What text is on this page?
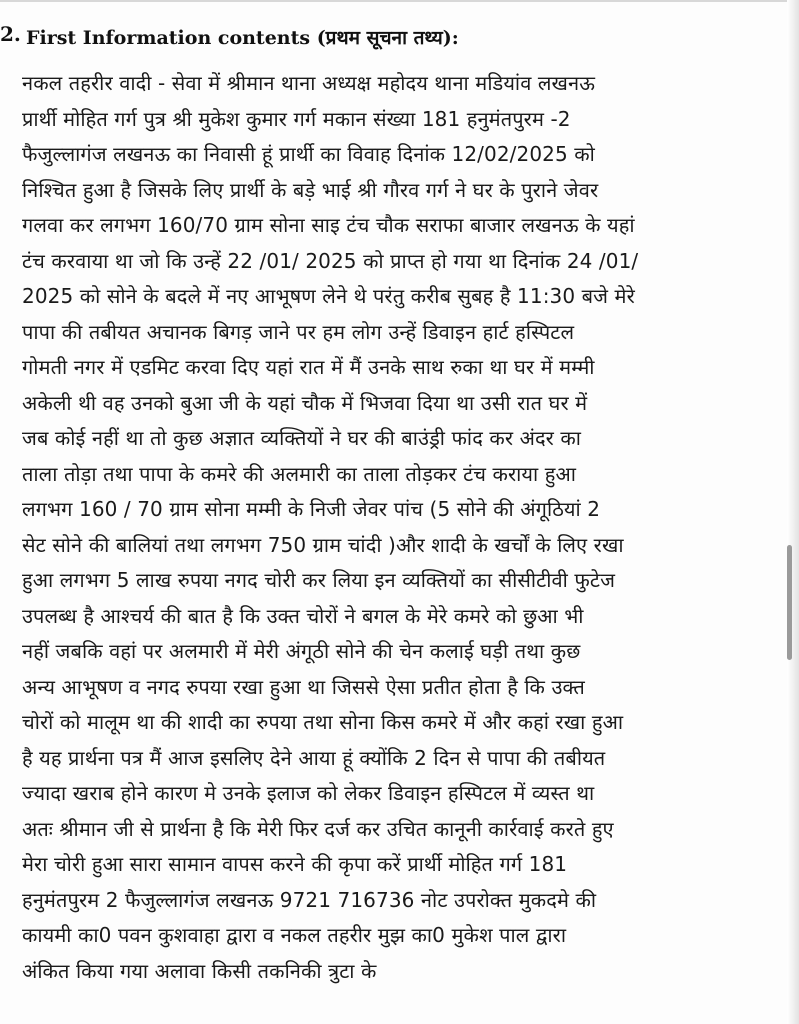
2. First Information contents (प्रथम सूचना तथ्य):
नकल तहरीर वादी - सेवा में श्रीमान थाना अध्यक्ष महोदय थाना मडियांव लखनऊ
प्रार्थी मोहित गर्ग पुत्र श्री मुकेश कुमार गर्ग मकान संख्या 181 हनुमंतपुरम -2
फैजुल्लागंज लखनऊ का निवासी हूं प्रार्थी का विवाह दिनांक 12/02/2025 को
निश्चित हुआ है जिसके लिए प्रार्थी के बड़े भाई श्री गौरव गर्ग ने घर के पुराने जेवर
गलवा कर लगभग 160/70 ग्राम सोना साइ टंच चौक सराफा बाजार लखनऊ के यहां
टंच करवाया था जो कि उन्हें 22 /01/ 2025 को प्राप्त हो गया था दिनांक 24 /01/
2025 को सोने के बदले में नए आभूषण लेने थे परंतु करीब सुबह है 11:30 बजे मेरे
पापा की तबीयत अचानक बिगड़ जाने पर हम लोग उन्हें डिवाइन हार्ट हस्पिटल
गोमती नगर में एडमिट करवा दिए यहां रात में मैं उनके साथ रुका था घर में मम्मी
अकेली थी वह उनको बुआ जी के यहां चौक में भिजवा दिया था उसी रात घर में
जब कोई नहीं था तो कुछ अज्ञात व्यक्तियों ने घर की बाउंड्री फांद कर अंदर का
ताला तोड़ा तथा पापा के कमरे की अलमारी का ताला तोड़कर टंच कराया हुआ
लगभग 160 / 70 ग्राम सोना मम्मी के निजी जेवर पांच (5 सोने की अंगूठियां 2
सेट सोने की बालियां तथा लगभग 750 ग्राम चांदी )और शादी के खर्चों के लिए रखा
हुआ लगभग 5 लाख रुपया नगद चोरी कर लिया इन व्यक्तियों का सीसीटीवी फुटेज
उपलब्ध है आश्चर्य की बात है कि उक्त चोरों ने बगल के मेरे कमरे को छुआ भी
नहीं जबकि वहां पर अलमारी में मेरी अंगूठी सोने की चेन कलाई घड़ी तथा कुछ
अन्य आभूषण व नगद रुपया रखा हुआ था जिससे ऐसा प्रतीत होता है कि उक्त
चोरों को मालूम था की शादी का रुपया तथा सोना किस कमरे में और कहां रखा हुआ
है यह प्रार्थना पत्र मैं आज इसलिए देने आया हूं क्योंकि 2 दिन से पापा की तबीयत
ज्यादा खराब होने कारण मे उनके इलाज को लेकर डिवाइन हस्पिटल में व्यस्त था
अतः श्रीमान जी से प्रार्थना है कि मेरी फिर दर्ज कर उचित कानूनी कार्रवाई करते हुए
मेरा चोरी हुआ सारा सामान वापस करने की कृपा करें प्रार्थी मोहित गर्ग 181
हनुमंतपुरम 2 फैजुल्लागंज लखनऊ 9721 716736 नोट उपरोक्त मुकदमे की
कायमी का0 पवन कुशवाहा द्वारा व नकल तहरीर मुझ का0 मुकेश पाल द्वारा
अंकित किया गया अलावा किसी तकनिकी त्रुटा के
